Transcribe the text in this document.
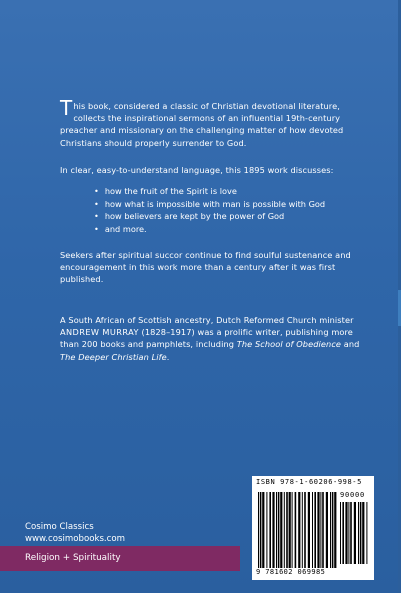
This book, considered a classic of Christian devotional literature, collects the inspirational sermons of an influential 19th-century preacher and missionary on the challenging matter of how devoted Christians should properly surrender to God.

In clear, easy-to-understand language, this 1895 work discusses:

• how the fruit of the Spirit is love
• how what is impossible with man is possible with God
• how believers are kept by the power of God
• and more.

Seekers after spiritual succor continue to find soulful sustenance and encouragement in this work more than a century after it was first published.

A South African of Scottish ancestry, Dutch Reformed Church minister ANDREW MURRAY (1828–1917) was a prolific writer, publishing more than 200 books and pamphlets, including The School of Obedience and The Deeper Christian Life.

Cosimo Classics
www.cosimobooks.com
Religion + Spirituality
ISBN 978-1-60206-998-5
90000
9 781602 069985
